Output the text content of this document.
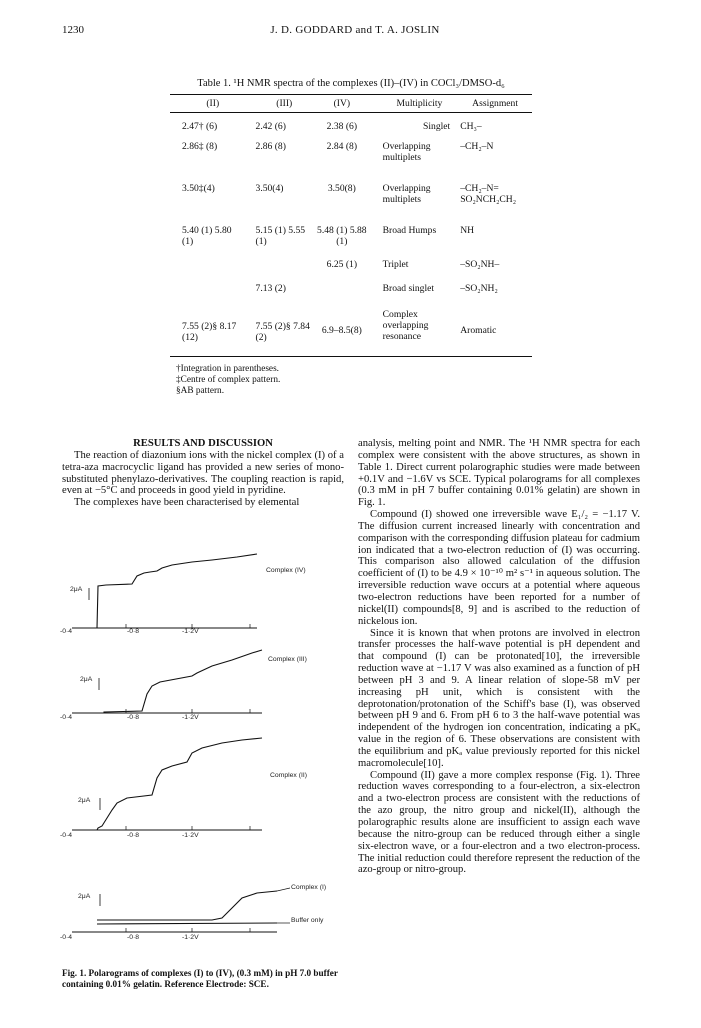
1230	J. D. GODDARD and T. A. JOSLIN
Table 1. ¹H NMR spectra of the complexes (II)–(IV) in COCl₃/DMSO-d₆
(II)	(III)	(IV)	Multiplicity	Assignment
2.47† (6)	2.42 (6)	2.38 (6)	Singlet	CH₃–
2.86‡ (8)	2.86 (8)	2.84 (8)	Overlapping multiplets	–CH₂–N
3.50‡(4)	3.50(4)	3.50(8)	Overlapping multiplets	–CH₂–N= SO₂NCH₂CH₂
5.40 (1) 5.80 (1)	5.15 (1) 5.55 (1)	5.48 (1) 5.88 (1)	Broad Humps	NH
		6.25 (1)	Triplet	–SO₂NH–
	7.13 (2)		Broad singlet	–SO₂NH₂
7.55 (2)§ 8.17 (12)	7.55 (2)§ 7.84 (2)	6.9–8.5(8)	Complex overlapping resonance	Aromatic
†Integration in parentheses.
‡Centre of complex pattern.
§AB pattern.

RESULTS AND DISCUSSION

The reaction of diazonium ions with the nickel complex (I) of a tetra-aza macrocyclic ligand has provided a new series of mono-substituted phenylazo-derivatives. The coupling reaction is rapid, even at −5°C and proceeds in good yield in pyridine.

The complexes have been characterised by elemental

Complex (IV)
2μA
-0·4	-0·8	-1·2V
Complex (III)
2μA
-0·4	-0·8	-1·2V
Complex (II)
2μA
-0·4	-0·8	-1·2V
Complex (I)
Buffer only
2μA
-0·4	-0·8	-1·2V
Fig. 1. Polarograms of complexes (I) to (IV), (0.3 mM) in pH 7.0 buffer containing 0.01% gelatin. Reference Electrode: SCE.

analysis, melting point and NMR. The ¹H NMR spectra for each complex were consistent with the above structures, as shown in Table 1. Direct current polarographic studies were made between +0.1V and −1.6V vs SCE. Typical polarograms for all complexes (0.3 mM in pH 7 buffer containing 0.01% gelatin) are shown in Fig. 1.

Compound (I) showed one irreversible wave E₁/₂ = −1.17 V. The diffusion current increased linearly with concentration and comparison with the corresponding diffusion plateau for cadmium ion indicated that a two-electron reduction of (I) was occurring. This comparison also allowed calculation of the diffusion coefficient of (I) to be 4.9 × 10⁻¹⁰ m² s⁻¹ in aqueous solution. The irreversible reduction wave occurs at a potential where aqueous two-electron reductions have been reported for a number of nickel(II) compounds[8, 9] and is ascribed to the reduction of nickelous ion.

Since it is known that when protons are involved in electron transfer processes the half-wave potential is pH dependent and that compound (I) can be protonated[10], the irreversible reduction wave at −1.17 V was also examined as a function of pH between pH 3 and 9. A linear relation of slope-58 mV per increasing pH unit, which is consistent with the deprotonation/protonation of the Schiff's base (I), was observed between pH 9 and 6. From pH 6 to 3 the half-wave potential was independent of the hydrogen ion concentration, indicating a pKₐ value in the region of 6. These observations are consistent with the equilibrium and pKₐ value previously reported for this nickel macromolecule[10].

Compound (II) gave a more complex response (Fig. 1). Three reduction waves corresponding to a four-electron, a six-electron and a two-electron process are consistent with the reductions of the azo group, the nitro group and nickel(II), although the polarographic results alone are insufficient to assign each wave because the nitro-group can be reduced through either a single six-electron wave, or a four-electron and a two electron-process. The initial reduction could therefore represent the reduction of the azo-group or nitro-group.
